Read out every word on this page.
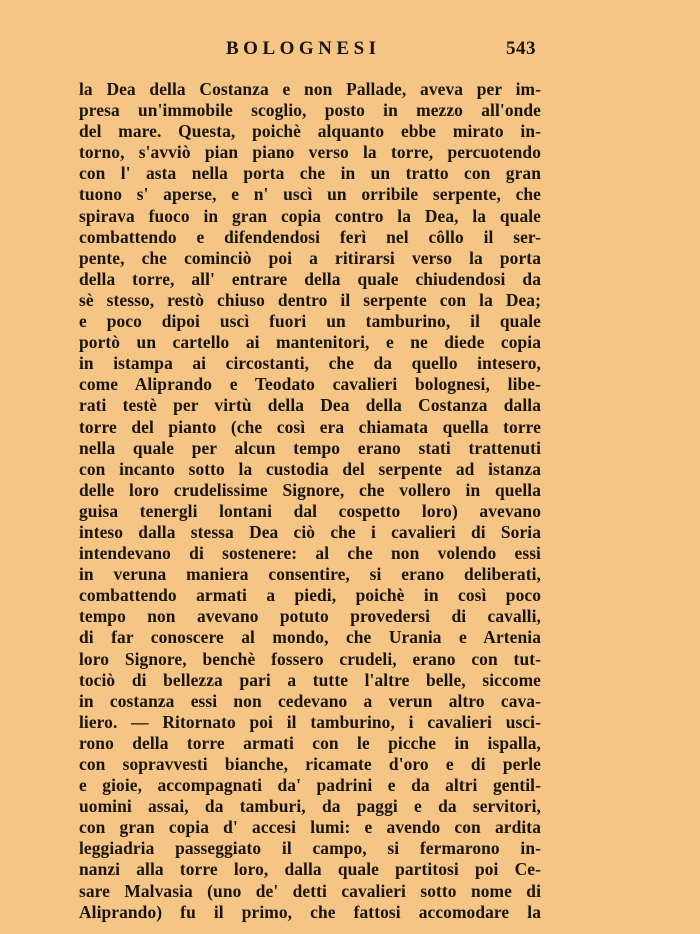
BOLOGNESI	543
la Dea della Costanza e non Pallade, aveva per im-
presa un'immobile scoglio, posto in mezzo all'onde
del mare. Questa, poichè alquanto ebbe mirato in-
torno, s'avviò pian piano verso la torre, percuotendo
con l' asta nella porta che in un tratto con gran
tuono s' aperse, e n' uscì un orribile serpente, che
spirava fuoco in gran copia contro la Dea, la quale
combattendo e difendendosi ferì nel côllo il ser-
pente, che cominciò poi a ritirarsi verso la porta
della torre, all' entrare della quale chiudendosi da
sè stesso, restò chiuso dentro il serpente con la Dea;
e poco dipoi uscì fuori un tamburino, il quale
portò un cartello ai mantenitori, e ne diede copia
in istampa ai circostanti, che da quello intesero,
come Aliprando e Teodato cavalieri bolognesi, libe-
rati testè per virtù della Dea della Costanza dalla
torre del pianto (che così era chiamata quella torre
nella quale per alcun tempo erano stati trattenuti
con incanto sotto la custodia del serpente ad istanza
delle loro crudelissime Signore, che vollero in quella
guisa tenergli lontani dal cospetto loro) avevano
inteso dalla stessa Dea ciò che i cavalieri di Soria
intendevano di sostenere: al che non volendo essi
in veruna maniera consentire, si erano deliberati,
combattendo armati a piedi, poichè in così poco
tempo non avevano potuto provedersi di cavalli,
di far conoscere al mondo, che Urania e Artenia
loro Signore, benchè fossero crudeli, erano con tut-
tociò di bellezza pari a tutte l'altre belle, siccome
in costanza essi non cedevano a verun altro cava-
liero. — Ritornato poi il tamburino, i cavalieri usci-
rono della torre armati con le picche in ispalla,
con sopravvesti bianche, ricamate d'oro e di perle
e gioie, accompagnati da' padrini e da altri gentil-
uomini assai, da tamburi, da paggi e da servitori,
con gran copia d' accesi lumi: e avendo con ardita
leggiadria passeggiato il campo, si fermarono in-
nanzi alla torre loro, dalla quale partitosi poi Ce-
sare Malvasia (uno de' detti cavalieri sotto nome di
Aliprando) fu il primo, che fattosi accomodare la
